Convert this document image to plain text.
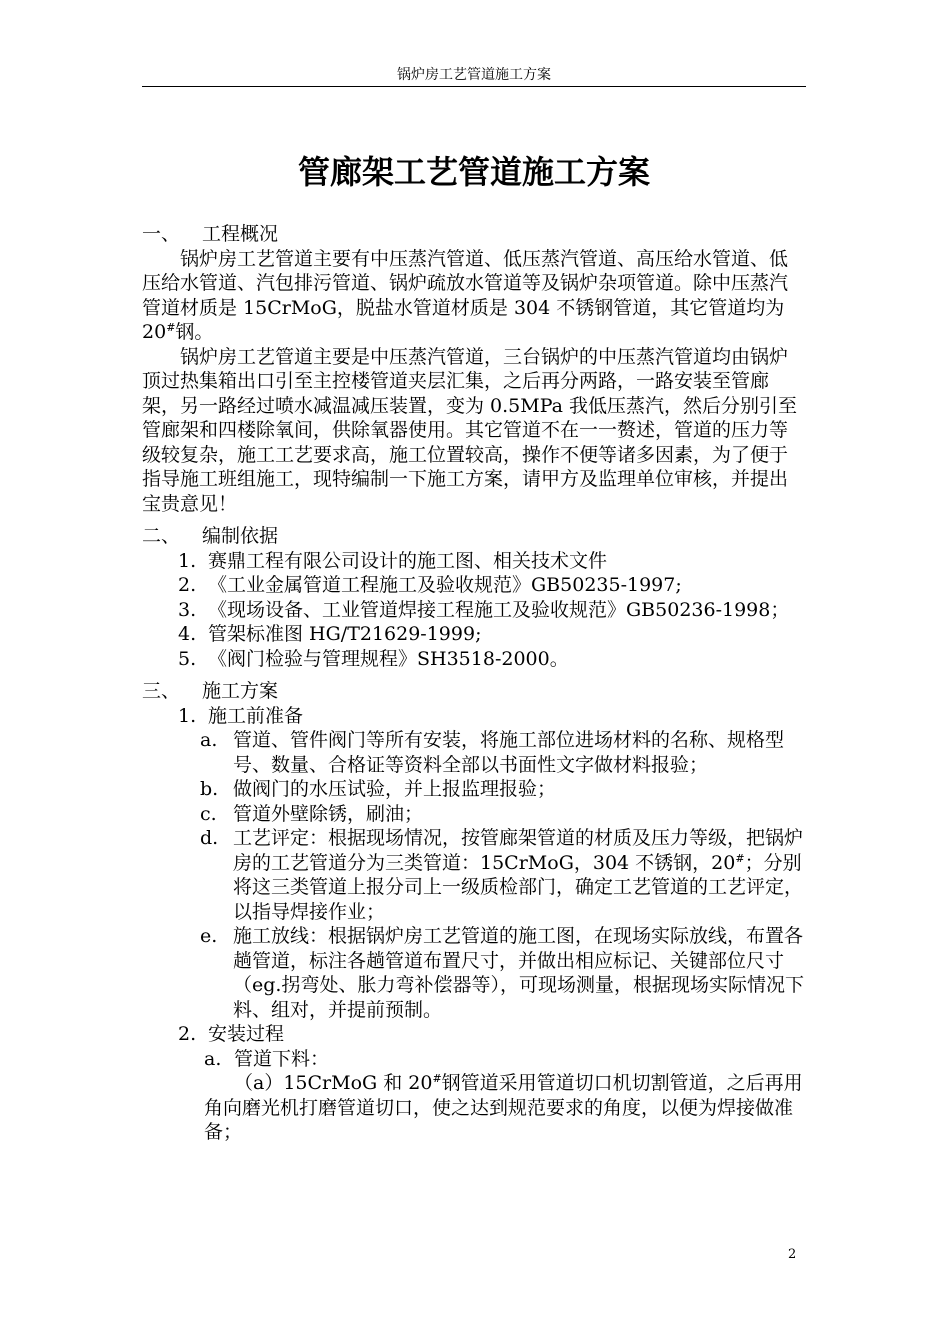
锅炉房工艺管道施工方案
管廊架工艺管道施工方案

一、 工程概况

锅炉房工艺管道主要有中压蒸汽管道、低压蒸汽管道、高压给水管道、低压给水管道、汽包排污管道、锅炉疏放水管道等及锅炉杂项管道。除中压蒸汽管道材质是 15CrMoG，脱盐水管道材质是 304 不锈钢管道，其它管道均为 20#钢。

锅炉房工艺管道主要是中压蒸汽管道，三台锅炉的中压蒸汽管道均由锅炉顶过热集箱出口引至主控楼管道夹层汇集，之后再分两路，一路安装至管廊架，另一路经过喷水减温减压装置，变为 0.5MPa 我低压蒸汽，然后分别引至管廊架和四楼除氧间，供除氧器使用。其它管道不在一一赘述，管道的压力等级较复杂，施工工艺要求高，施工位置较高，操作不便等诸多因素，为了便于指导施工班组施工，现特编制一下施工方案，请甲方及监理单位审核，并提出宝贵意见！

二、 编制依据

1. 赛鼎工程有限公司设计的施工图、相关技术文件
2. 《工业金属管道工程施工及验收规范》GB50235-1997;
3. 《现场设备、工业管道焊接工程施工及验收规范》GB50236-1998；
4. 管架标准图 HG/T21629-1999;
5. 《阀门检验与管理规程》SH3518-2000。

三、 施工方案

1. 施工前准备
a. 管道、管件阀门等所有安装，将施工部位进场材料的名称、规格型号、数量、合格证等资料全部以书面性文字做材料报验；
b. 做阀门的水压试验，并上报监理报验；
c. 管道外壁除锈，刷油；
d. 工艺评定：根据现场情况，按管廊架管道的材质及压力等级，把锅炉房的工艺管道分为三类管道：15CrMoG，304 不锈钢，20#；分别将这三类管道上报分司上一级质检部门，确定工艺管道的工艺评定，以指导焊接作业；
e. 施工放线：根据锅炉房工艺管道的施工图，在现场实际放线，布置各趟管道，标注各趟管道布置尺寸，并做出相应标记、关键部位尺寸（eg.拐弯处、胀力弯补偿器等），可现场测量，根据现场实际情况下料、组对，并提前预制。
2. 安装过程
a. 管道下料：

（a）15CrMoG 和 20#钢管道采用管道切口机切割管道，之后再用角向磨光机打磨管道切口，使之达到规范要求的角度，以便为焊接做准备；

2
